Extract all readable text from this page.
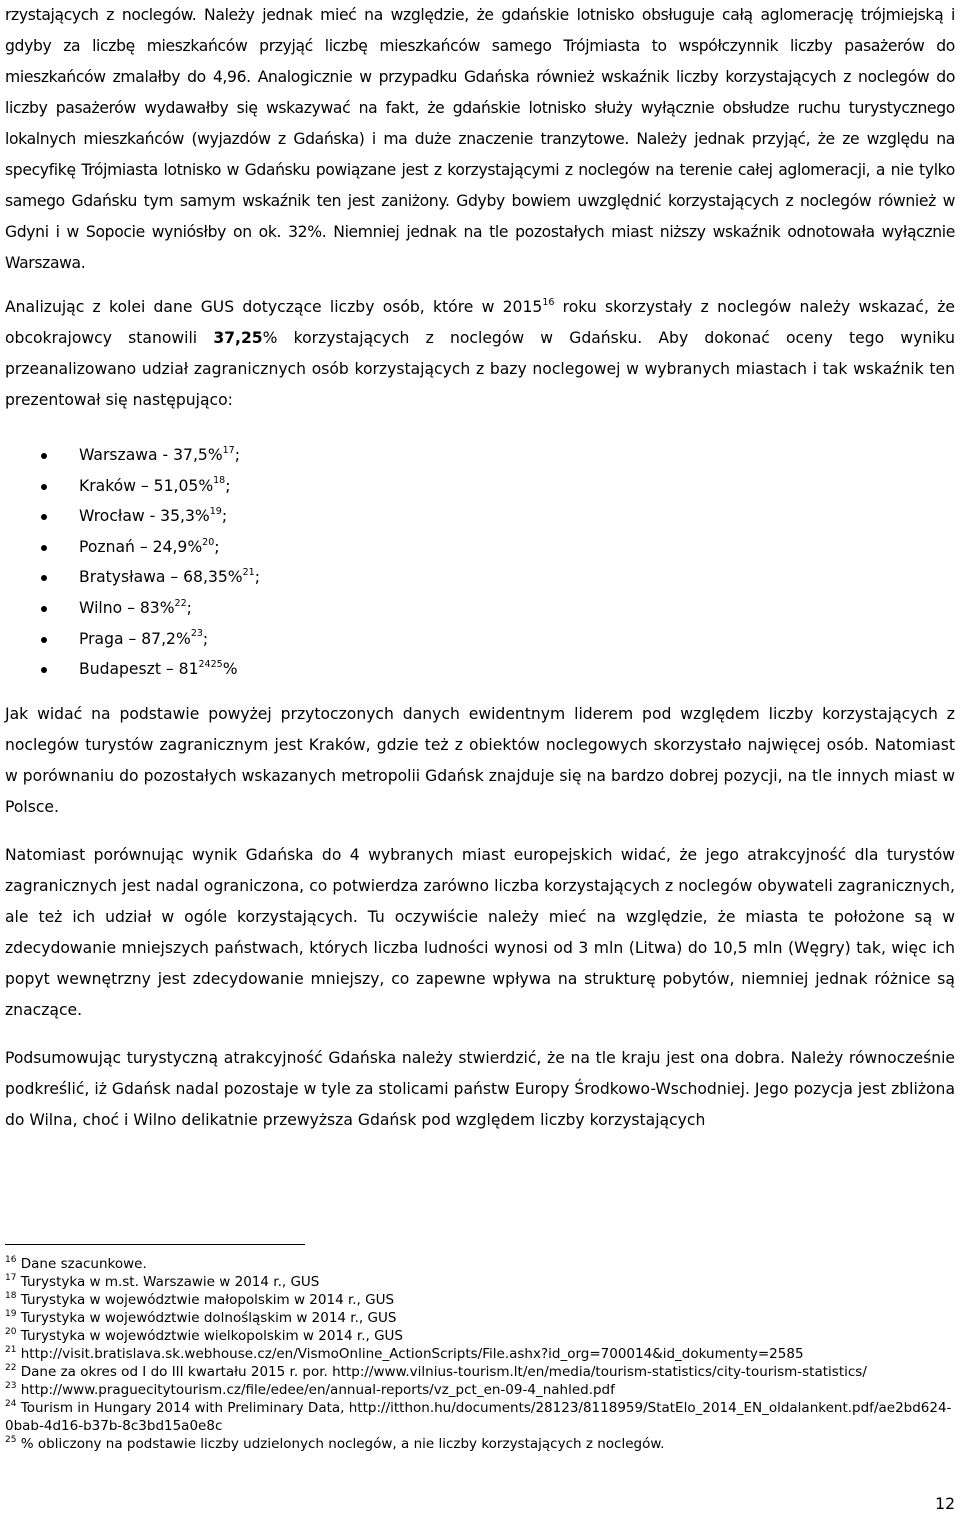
rzystających z noclegów. Należy jednak mieć na względzie, że gdańskie lotnisko obsługuje całą aglomerację trójmiejską i gdyby za liczbę mieszkańców przyjąć liczbę mieszkańców samego Trójmiasta to współczynnik liczby pasażerów do mieszkańców zmalałby do 4,96. Analogicznie w przypadku Gdańska również wskaźnik liczby korzystających z noclegów do liczby pasażerów wydawałby się wskazywać na fakt, że gdańskie lotnisko służy wyłącznie obsłudze ruchu turystycznego lokalnych mieszkańców (wyjazdów z Gdańska) i ma duże znaczenie tranzytowe. Należy jednak przyjąć, że ze względu na specyfikę Trójmiasta lotnisko w Gdańsku powiązane jest z korzystającymi z noclegów na terenie całej aglomeracji, a nie tylko samego Gdańsku tym samym wskaźnik ten jest zaniżony. Gdyby bowiem uwzględnić korzystających z noclegów również w Gdyni i w Sopocie wyniósłby on ok. 32%. Niemniej jednak na tle pozostałych miast niższy wskaźnik odnotowała wyłącznie Warszawa.

Analizując z kolei dane GUS dotyczące liczby osób, które w 2015$^{16}$ roku skorzystały z noclegów należy wskazać, że obcokrajowcy stanowili 37,25% korzystających z noclegów w Gdańsku. Aby dokonać oceny tego wyniku przeanalizowano udział zagranicznych osób korzystających z bazy noclegowej w wybranych miastach i tak wskaźnik ten prezentował się następująco:

Warszawa - 37,5%$^{17}$;
Kraków – 51,05%$^{18}$;
Wrocław - 35,3%$^{19}$;
Poznań – 24,9%$^{20}$;
Bratysława – 68,35%$^{21}$;
Wilno – 83%$^{22}$;
Praga – 87,2%$^{23}$;
Budapeszt – $81^{2425}\%$

Jak widać na podstawie powyżej przytoczonych danych ewidentnym liderem pod względem liczby korzystających z noclegów turystów zagranicznym jest Kraków, gdzie też z obiektów noclegowych skorzystało najwięcej osób. Natomiast w porównaniu do pozostałych wskazanych metropolii Gdańsk znajduje się na bardzo dobrej pozycji, na tle innych miast w Polsce.

Natomiast porównując wynik Gdańska do 4 wybranych miast europejskich widać, że jego atrakcyjność dla turystów zagranicznych jest nadal ograniczona, co potwierdza zarówno liczba korzystających z noclegów obywateli zagranicznych, ale też ich udział w ogóle korzystających. Tu oczywiście należy mieć na względzie, że miasta te położone są w zdecydowanie mniejszych państwach, których liczba ludności wynosi od 3 mln (Litwa) do 10,5 mln (Węgry) tak, więc ich popyt wewnętrzny jest zdecydowanie mniejszy, co zapewne wpływa na strukturę pobytów, niemniej jednak różnice są znaczące.

Podsumowując turystyczną atrakcyjność Gdańska należy stwierdzić, że na tle kraju jest ona dobra. Należy równocześnie podkreślić, iż Gdańsk nadal pozostaje w tyle za stolicami państw Europy Środkowo-Wschodniej. Jego pozycja jest zbliżona do Wilna, choć i Wilno delikatnie przewyższa Gdańsk pod względem liczby korzystających

$^{16}$ Dane szacunkowe.

$^{17}$ Turystyka w m.st. Warszawie w 2014 r., GUS

$^{18}$ Turystyka w województwie małopolskim w 2014 r., GUS

$^{19}$ Turystyka w województwie dolnośląskim w 2014 r., GUS

$^{20}$ Turystyka w województwie wielkopolskim w 2014 r., GUS

$^{21}$ http://visit.bratislava.sk.webhouse.cz/en/VismoOnline_ActionScripts/File.ashx?id_org=700014&id_dokumenty=2585

$^{22}$ Dane za okres od I do III kwartału 2015 r. por. http://www.vilnius-tourism.lt/en/media/tourism-statistics/city-tourism-statistics/

$^{23}$ http://www.praguecitytourism.cz/file/edee/en/annual-reports/vz_pct_en-09-4_nahled.pdf

$^{24}$ Tourism in Hungary 2014 with Preliminary Data, http://itthon.hu/documents/28123/8118959/StatElo_2014_EN_oldalankent.pdf/ae2bd624-0bab-4d16-b37b-8c3bd15a0e8c

$^{25}$ % obliczony na podstawie liczby udzielonych noclegów, a nie liczby korzystających z noclegów.

12
